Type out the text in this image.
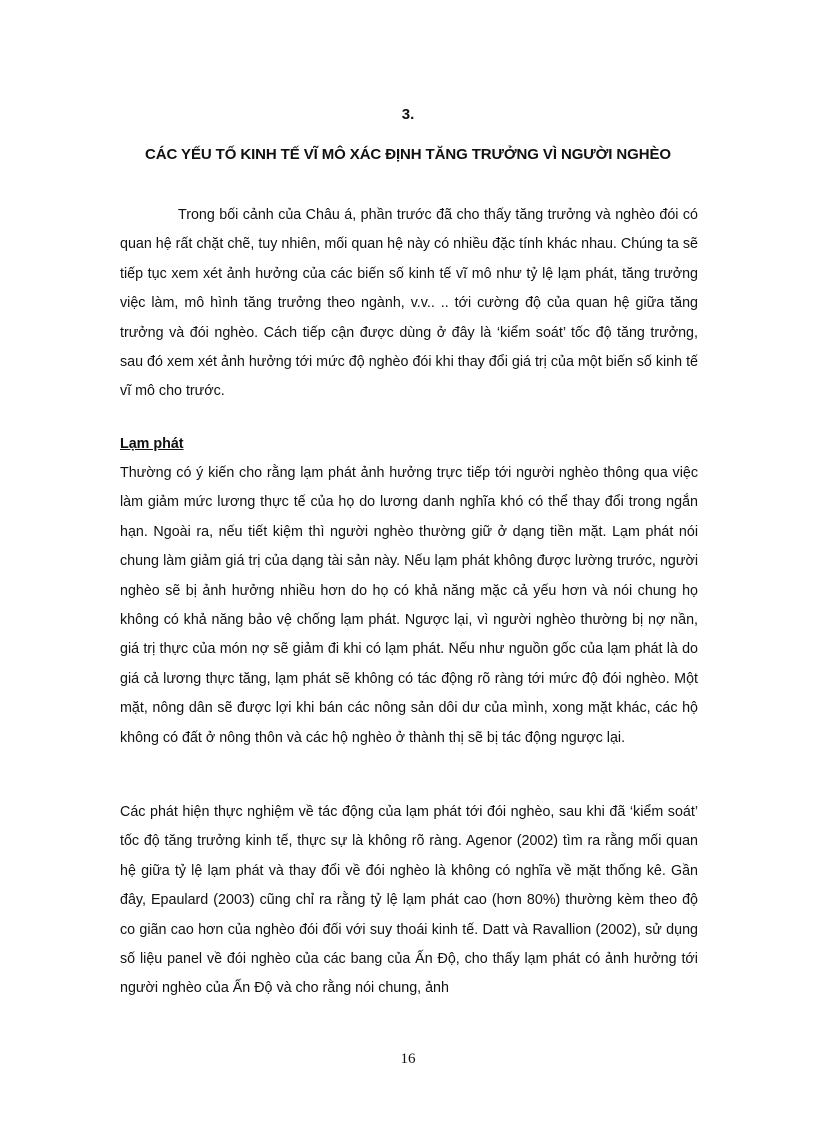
3.
CÁC YẾU TỐ KINH TẾ VĨ MÔ XÁC ĐỊNH TĂNG TRƯỞNG VÌ NGƯỜI NGHÈO
Trong bối cảnh của Châu á, phần trước đã cho thấy tăng trưởng và nghèo đói có quan hệ rất chặt chẽ, tuy nhiên, mối quan hệ này có nhiều đặc tính khác nhau. Chúng ta sẽ tiếp tục xem xét ảnh hưởng của các biến số kinh tế vĩ mô như tỷ lệ lạm phát, tăng trưởng việc làm, mô hình tăng trưởng theo ngành, v.v.. .. tới cường độ của quan hệ giữa tăng trưởng và đói nghèo. Cách tiếp cận được dùng ở đây là ‘kiểm soát’ tốc độ tăng trưởng, sau đó xem xét ảnh hưởng tới mức độ nghèo đói khi thay đổi giá trị của một biến số kinh tế vĩ mô cho trước.
Lạm phát
Thường có ý kiến cho rằng lạm phát ảnh hưởng trực tiếp tới người nghèo thông qua việc làm giảm mức lương thực tế của họ do lương danh nghĩa khó có thể thay đổi trong ngắn hạn. Ngoài ra, nếu tiết kiệm thì người nghèo thường giữ ở dạng tiền mặt. Lạm phát nói chung làm giảm giá trị của dạng tài sản này. Nếu lạm phát không được lường trước, người nghèo sẽ bị ảnh hưởng nhiều hơn do họ có khả năng mặc cả yếu hơn và nói chung họ không có khả năng bảo vệ chống lạm phát. Ngược lại, vì người nghèo thường bị nợ nần, giá trị thực của món nợ sẽ giảm đi khi có lạm phát. Nếu như nguồn gốc của lạm phát là do giá cả lương thực tăng, lạm phát sẽ không có tác động rõ ràng tới mức độ đói nghèo. Một mặt, nông dân sẽ được lợi khi bán các nông sản dôi dư của mình, xong mặt khác, các hộ không có đất ở nông thôn và các hộ nghèo ở thành thị sẽ bị tác động ngược lại.
Các phát hiện thực nghiệm về tác động của lạm phát tới đói nghèo, sau khi đã ‘kiểm soát’ tốc độ tăng trưởng kinh tế, thực sự là không rõ ràng. Agenor (2002) tìm ra rằng mối quan hệ giữa tỷ lệ lạm phát và thay đổi về đói nghèo là không có nghĩa về mặt thống kê. Gần đây, Epaulard (2003) cũng chỉ ra rằng tỷ lệ lạm phát cao (hơn 80%) thường kèm theo độ co giãn cao hơn của nghèo đói đối với suy thoái kinh tế. Datt và Ravallion (2002), sử dụng số liệu panel về đói nghèo của các bang của Ấn Độ, cho thấy lạm phát có ảnh hưởng tới người nghèo của Ấn Độ và cho rằng nói chung, ảnh
16
